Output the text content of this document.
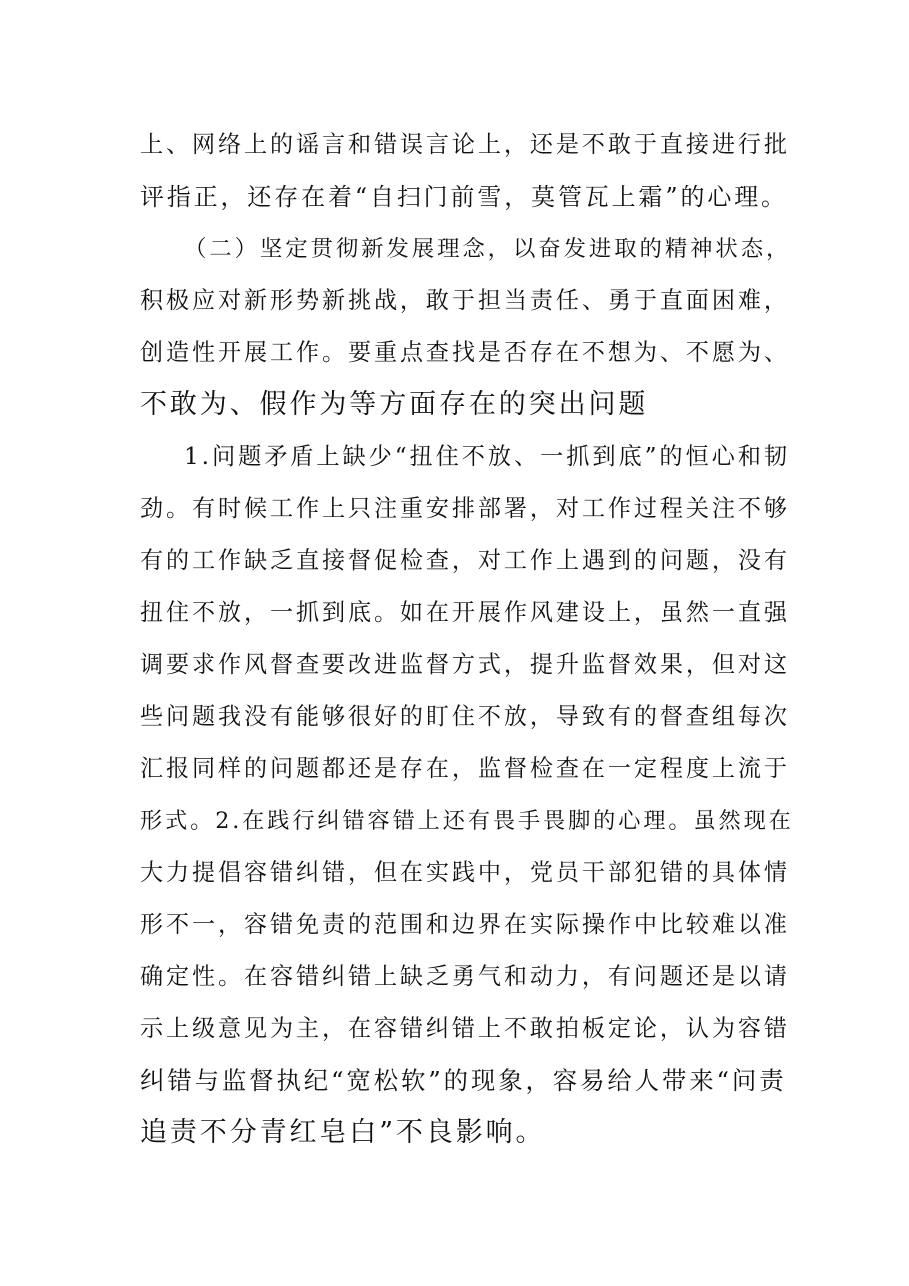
上、网络上的谣言和错误言论上，还是不敢于直接进行批
评指正，还存在着“自扫门前雪，莫管瓦上霜”的心理。
（二）坚定贯彻新发展理念，以奋发进取的精神状态，
积极应对新形势新挑战，敢于担当责任、勇于直面困难，
创造性开展工作。要重点查找是否存在不想为、不愿为、
不敢为、假作为等方面存在的突出问题
1.问题矛盾上缺少“扭住不放、一抓到底”的恒心和韧
劲。有时候工作上只注重安排部署，对工作过程关注不够
有的工作缺乏直接督促检查，对工作上遇到的问题，没有
扭住不放，一抓到底。如在开展作风建设上，虽然一直强
调要求作风督查要改进监督方式，提升监督效果，但对这
些问题我没有能够很好的盯住不放，导致有的督查组每次
汇报同样的问题都还是存在，监督检查在一定程度上流于
形式。2.在践行纠错容错上还有畏手畏脚的心理。虽然现在
大力提倡容错纠错，但在实践中，党员干部犯错的具体情
形不一，容错免责的范围和边界在实际操作中比较难以准
确定性。在容错纠错上缺乏勇气和动力，有问题还是以请
示上级意见为主，在容错纠错上不敢拍板定论，认为容错
纠错与监督执纪“宽松软”的现象，容易给人带来“问责
追责不分青红皂白”不良影响。
